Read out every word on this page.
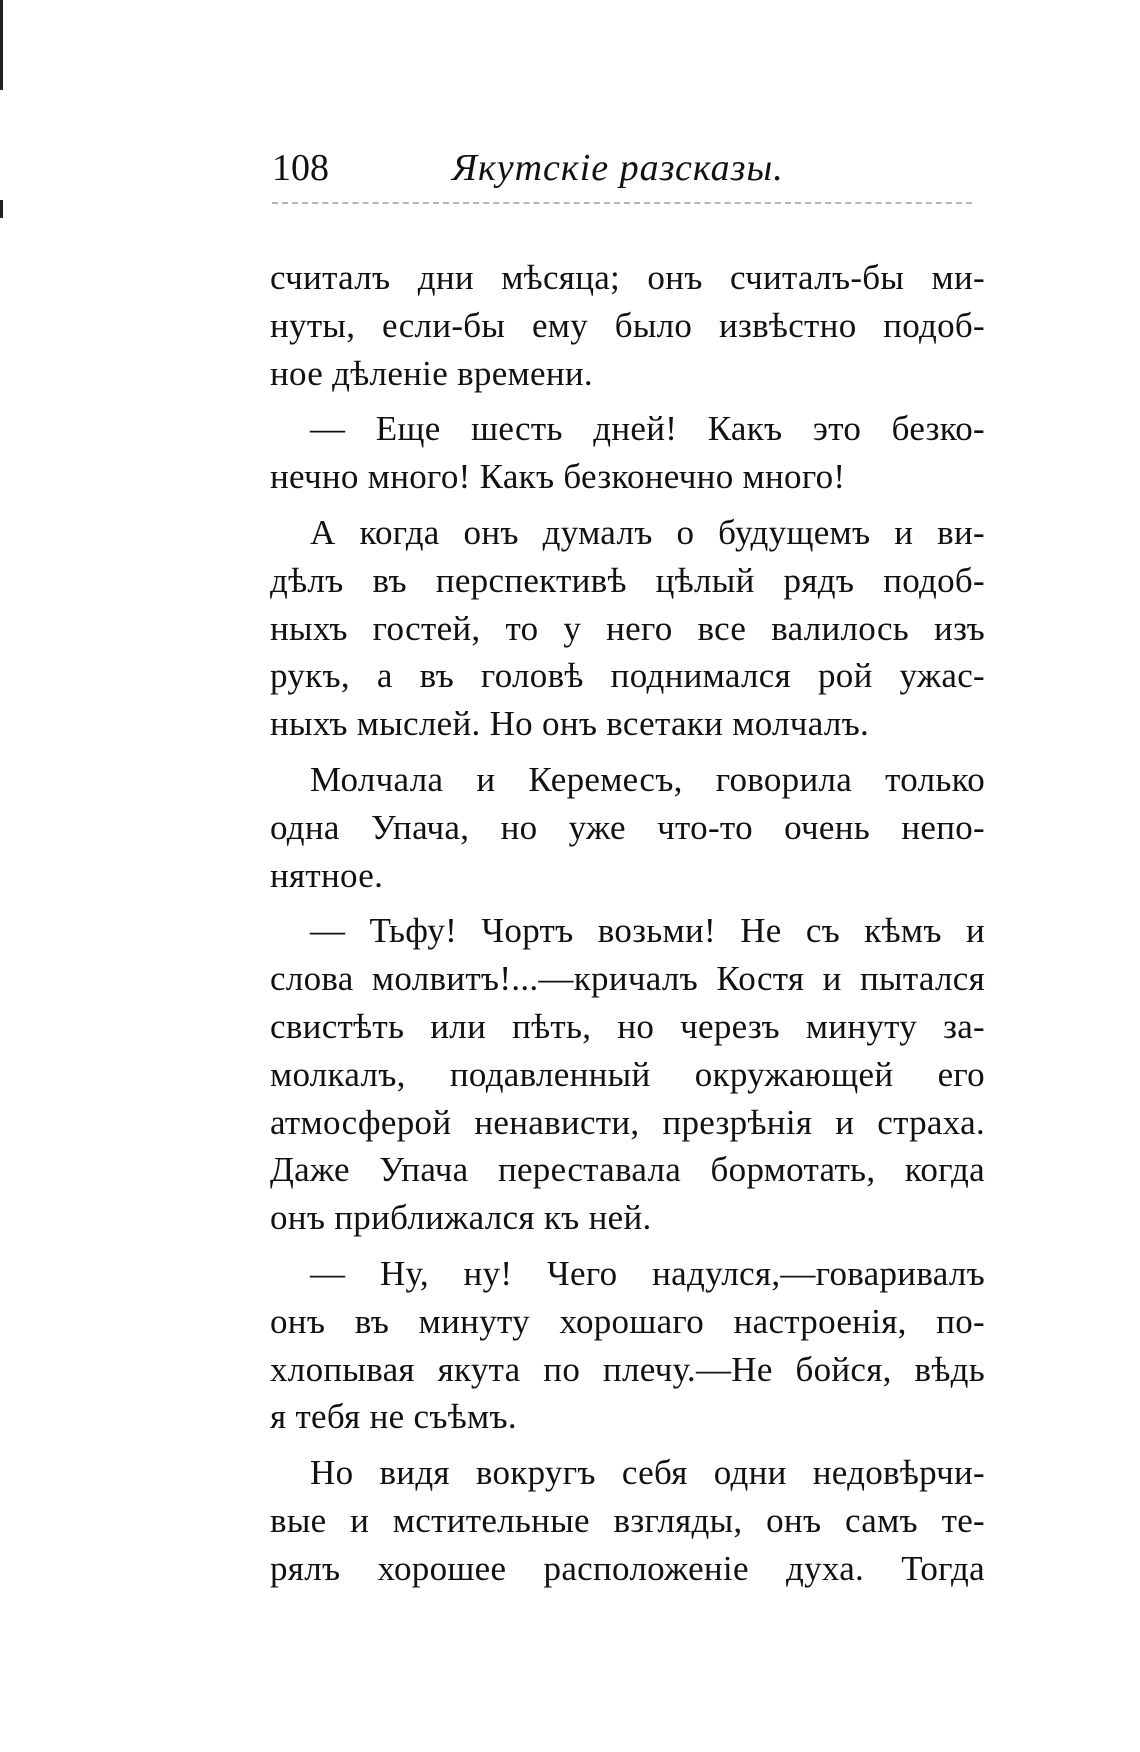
108	Якутскіе разсказы.
считалъ дни мѣсяца; онъ считалъ-бы ми-
нуты, если-бы ему было извѣстно подоб-
ное дѣленіе времени.
— Еще шесть дней! Какъ это безко-
нечно много! Какъ безконечно много!
А когда онъ думалъ о будущемъ и ви-
дѣлъ въ перспективѣ цѣлый рядъ подоб-
ныхъ гостей, то у него все валилось изъ
рукъ, а въ головѣ поднимался рой ужас-
ныхъ мыслей. Но онъ всетаки молчалъ.
Молчала и Керемесъ, говорила только
одна Упача, но уже что-то очень непо-
нятное.
— Тьфу! Чортъ возьми! Не съ кѣмъ и
слова молвитъ!...—кричалъ Костя и пытался
свистѣть или пѣть, но черезъ минуту за-
молкалъ, подавленный окружающей его
атмосферой ненависти, презрѣнія и страха.
Даже Упача переставала бормотать, когда
онъ приближался къ ней.
— Ну, ну! Чего надулся,—говаривалъ
онъ въ минуту хорошаго настроенія, по-
хлопывая якута по плечу.—Не бойся, вѣдь
я тебя не съѣмъ.
Но видя вокругъ себя одни недовѣрчи-
вые и мстительные взгляды, онъ самъ те-
рялъ хорошее расположеніе духа. Тогда
